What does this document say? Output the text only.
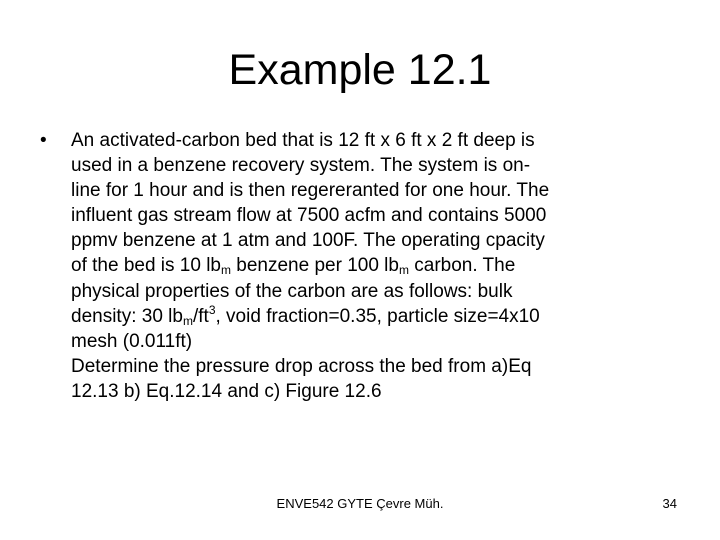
Example 12.1
•	An activated-carbon bed that is 12 ft x 6 ft x 2 ft deep is
used in a benzene recovery system. The system is on-
line for 1 hour and is then regereranted for one hour. The
influent gas stream flow at 7500 acfm and contains 5000
ppmv benzene at 1 atm and 100F. The operating cpacity
of the bed is 10 $lb_m$ benzene per 100 $lb_m$ carbon. The
physical properties of the carbon are as follows: bulk
density: 30 $lb_m/ft^3$, void fraction=0.35, particle size=4x10
mesh (0.011ft)
Determine the pressure drop across the bed from a)Eq
12.13 b) Eq.12.14 and c) Figure 12.6
ENVE542 GYTE Çevre Müh.	34
